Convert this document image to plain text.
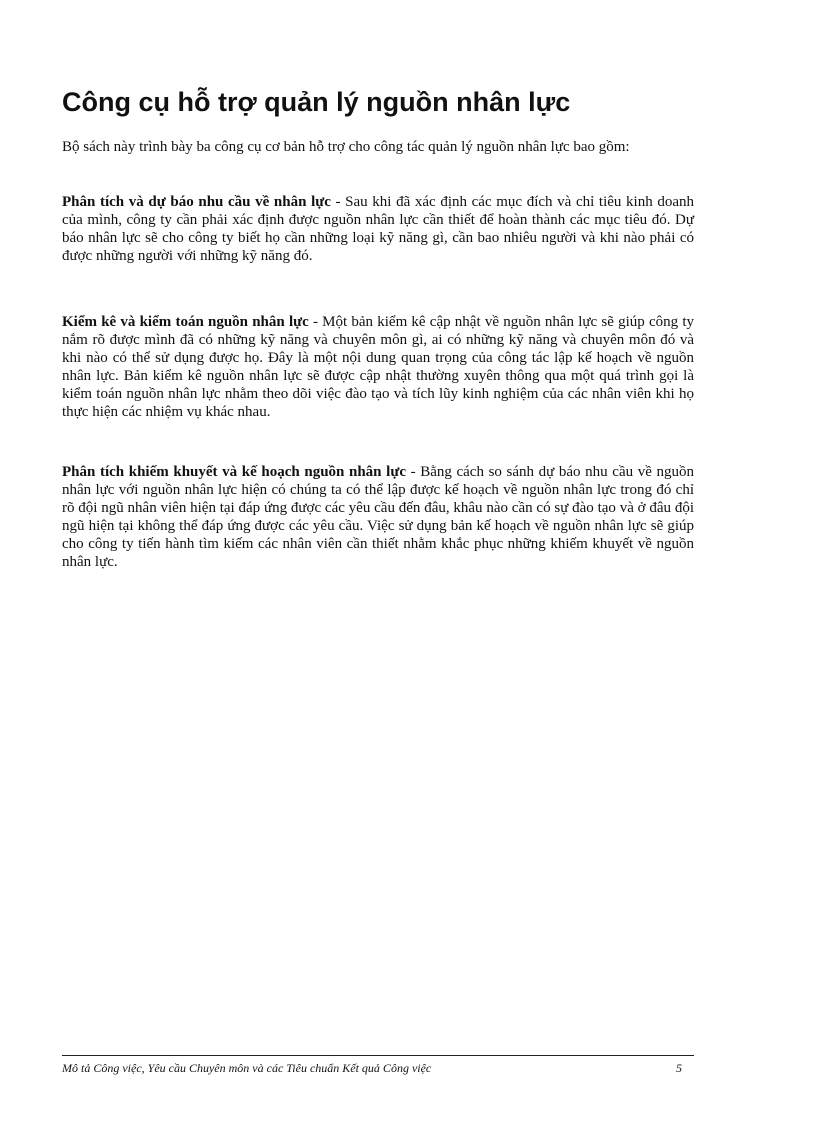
Công cụ hỗ trợ quản lý nguồn nhân lực

Bộ sách này trình bày ba công cụ cơ bản hỗ trợ cho công tác quản lý nguồn nhân lực bao gồm:

Phân tích và dự báo nhu cầu về nhân lực - Sau khi đã xác định các mục đích và chỉ tiêu kinh doanh của mình, công ty cần phải xác định được nguồn nhân lực cần thiết để hoàn thành các mục tiêu đó. Dự báo nhân lực sẽ cho công ty biết họ cần những loại kỹ năng gì, cần bao nhiêu người và khi nào phải có được những người với những kỹ năng đó.

Kiểm kê và kiểm toán nguồn nhân lực - Một bản kiểm kê cập nhật về nguồn nhân lực sẽ giúp công ty nắm rõ được mình đã có những kỹ năng và chuyên môn gì, ai có những kỹ năng và chuyên môn đó và khi nào có thể sử dụng được họ. Đây là một nội dung quan trọng của công tác lập kế hoạch về nguồn nhân lực. Bản kiểm kê nguồn nhân lực sẽ được cập nhật thường xuyên thông qua một quá trình gọi là kiểm toán nguồn nhân lực nhằm theo dõi việc đào tạo và tích lũy kinh nghiệm của các nhân viên khi họ thực hiện các nhiệm vụ khác nhau.

Phân tích khiếm khuyết và kế hoạch nguồn nhân lực - Bằng cách so sánh dự báo nhu cầu về nguồn nhân lực với nguồn nhân lực hiện có chúng ta có thể lập được kế hoạch về nguồn nhân lực trong đó chỉ rõ đội ngũ nhân viên hiện tại đáp ứng được các yêu cầu đến đâu, khâu nào cần có sự đào tạo và ở đâu đội ngũ hiện tại không thể đáp ứng được các yêu cầu. Việc sử dụng bản kế hoạch về nguồn nhân lực sẽ giúp cho công ty tiến hành tìm kiếm các nhân viên cần thiết nhằm khắc phục những khiếm khuyết về nguồn nhân lực.

Mô tả Công việc, Yêu cầu Chuyên môn và các Tiêu chuẩn Kết quả Công việc	5
